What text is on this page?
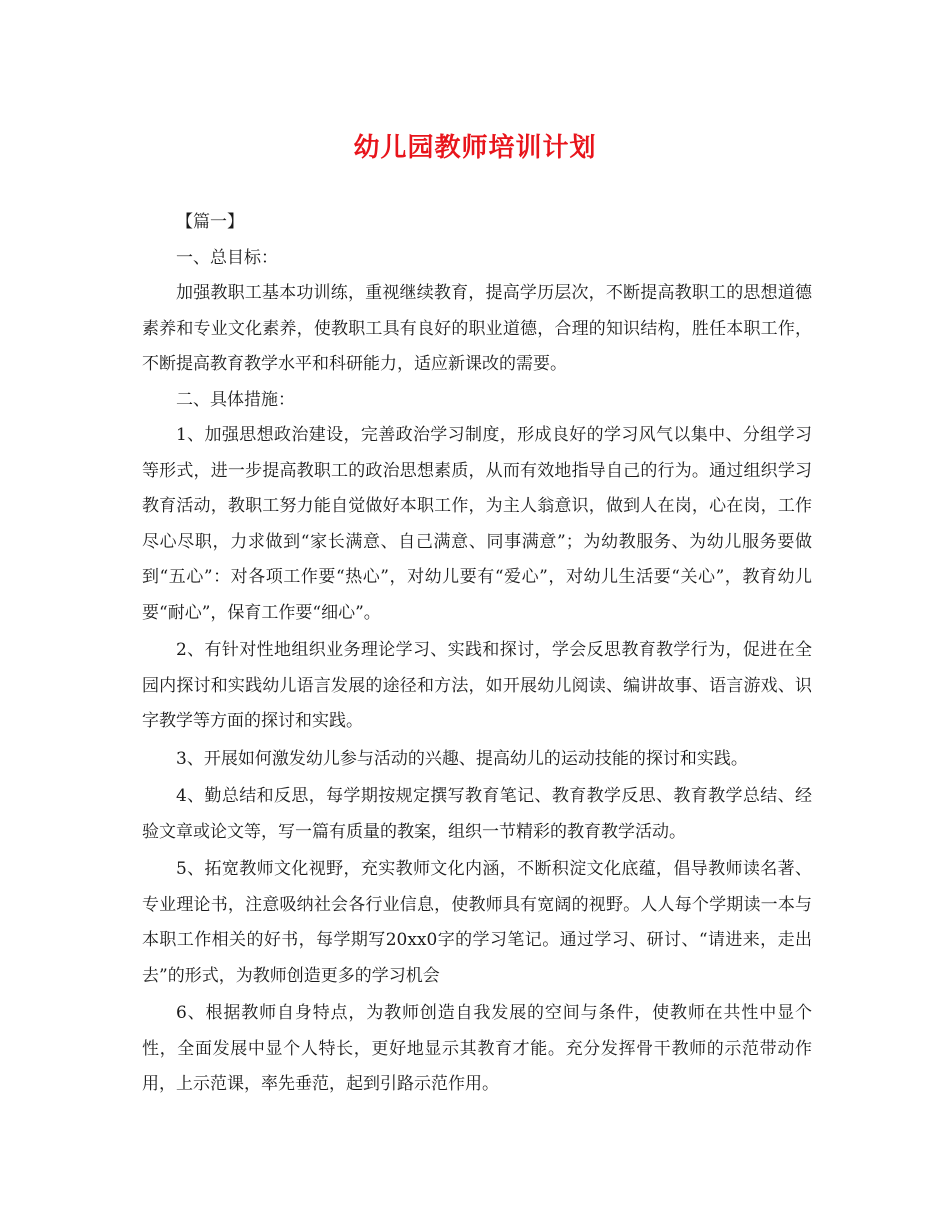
幼儿园教师培训计划

【篇一】

一、总目标：

加强教职工基本功训练，重视继续教育，提高学历层次，不断提高教职工的思想道德素养和专业文化素养，使教职工具有良好的职业道德，合理的知识结构，胜任本职工作，不断提高教育教学水平和科研能力，适应新课改的需要。

二、具体措施：

1、加强思想政治建设，完善政治学习制度，形成良好的学习风气以集中、分组学习等形式，进一步提高教职工的政治思想素质，从而有效地指导自己的行为。通过组织学习教育活动，教职工努力能自觉做好本职工作，为主人翁意识，做到人在岗，心在岗，工作尽心尽职，力求做到“家长满意、自己满意、同事满意”；为幼教服务、为幼儿服务要做到“五心”：对各项工作要“热心”，对幼儿要有“爱心”，对幼儿生活要“关心”，教育幼儿要“耐心”，保育工作要“细心”。

2、有针对性地组织业务理论学习、实践和探讨，学会反思教育教学行为，促进在全园内探讨和实践幼儿语言发展的途径和方法，如开展幼儿阅读、编讲故事、语言游戏、识字教学等方面的探讨和实践。

3、开展如何激发幼儿参与活动的兴趣、提高幼儿的运动技能的探讨和实践。

4、勤总结和反思，每学期按规定撰写教育笔记、教育教学反思、教育教学总结、经验文章或论文等，写一篇有质量的教案，组织一节精彩的教育教学活动。

5、拓宽教师文化视野，充实教师文化内涵，不断积淀文化底蕴，倡导教师读名著、专业理论书，注意吸纳社会各行业信息，使教师具有宽阔的视野。人人每个学期读一本与本职工作相关的好书，每学期写20xx0字的学习笔记。通过学习、研讨、“请进来，走出去”的形式，为教师创造更多的学习机会

6、根据教师自身特点，为教师创造自我发展的空间与条件，使教师在共性中显个性，全面发展中显个人特长，更好地显示其教育才能。充分发挥骨干教师的示范带动作用，上示范课，率先垂范，起到引路示范作用。
